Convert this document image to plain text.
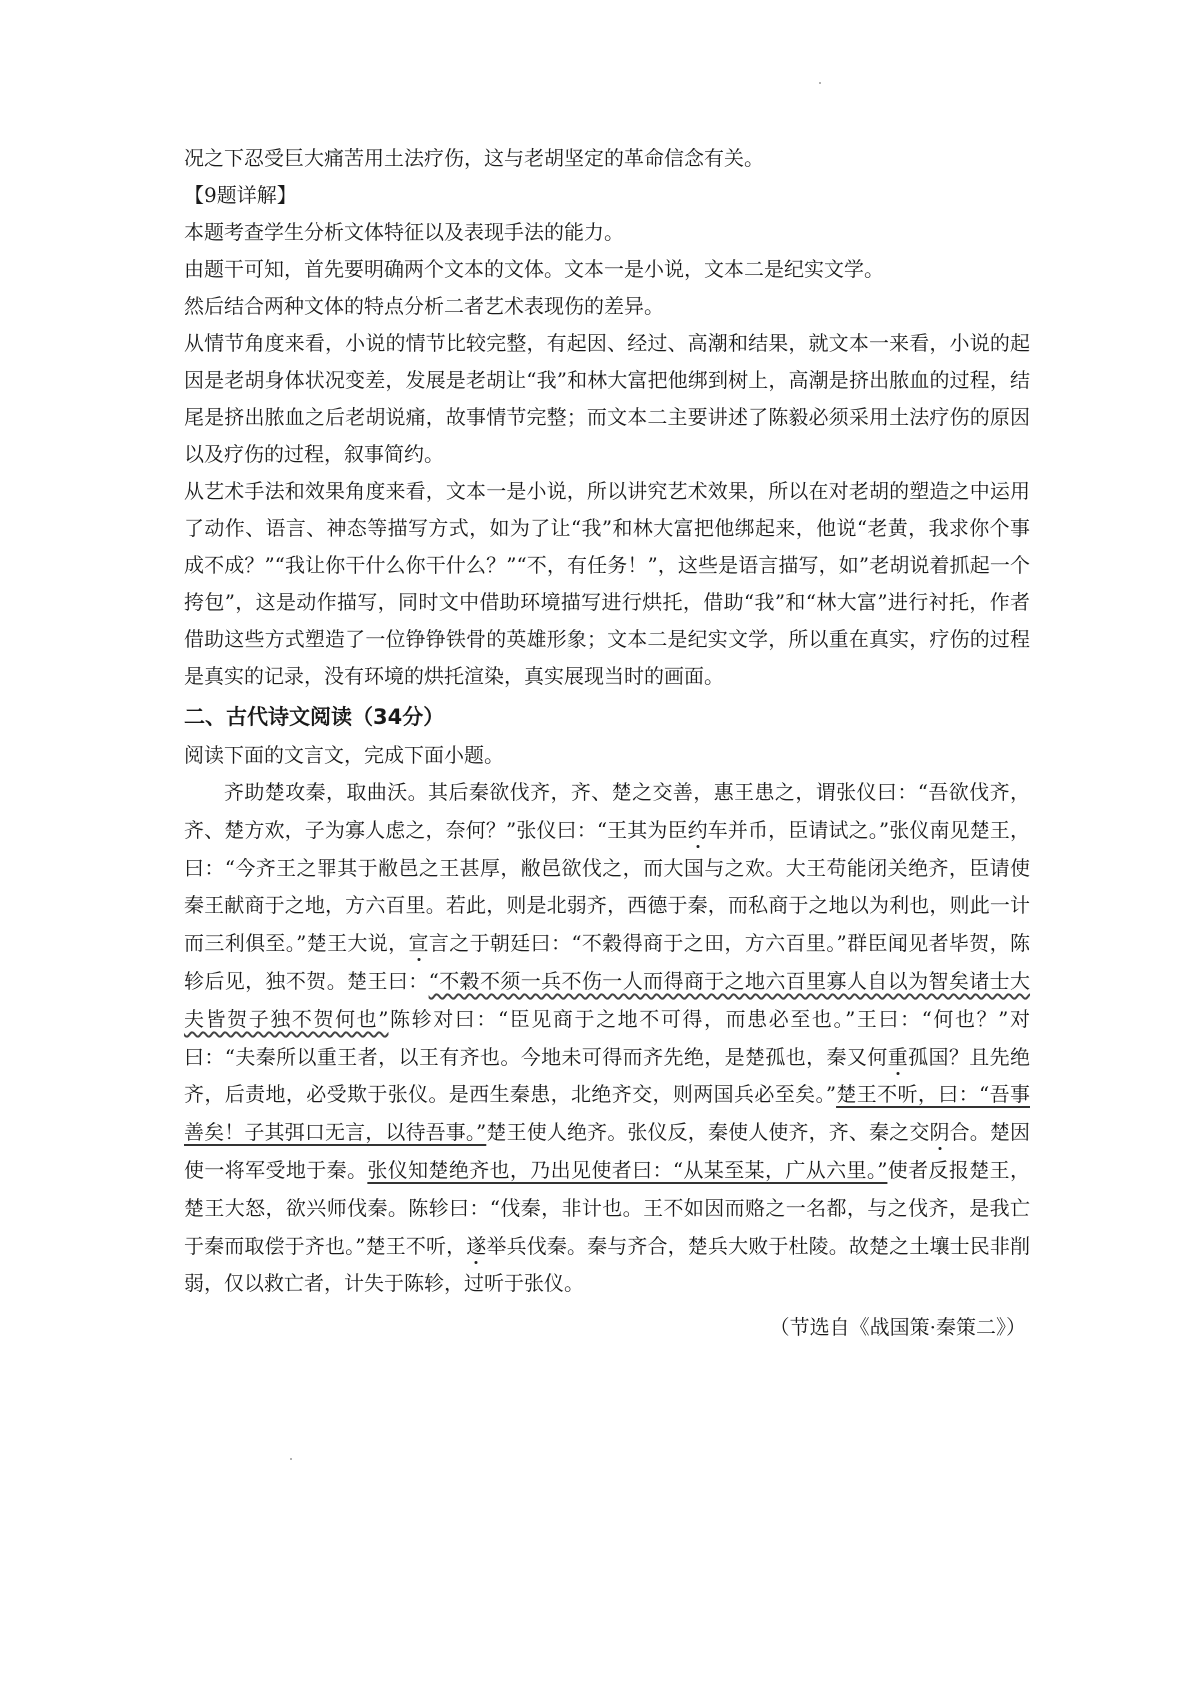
况之下忍受巨大痛苦用土法疗伤，这与老胡坚定的革命信念有关。

【9题详解】

本题考查学生分析文体特征以及表现手法的能力。

由题干可知，首先要明确两个文本的文体。文本一是小说，文本二是纪实文学。

然后结合两种文体的特点分析二者艺术表现伤的差异。

从情节角度来看，小说的情节比较完整，有起因、经过、高潮和结果，就文本一来看，小说的起因是老胡身体状况变差，发展是老胡让“我”和林大富把他绑到树上，高潮是挤出脓血的过程，结尾是挤出脓血之后老胡说痛，故事情节完整；而文本二主要讲述了陈毅必须采用土法疗伤的原因以及疗伤的过程，叙事简约。

从艺术手法和效果角度来看，文本一是小说，所以讲究艺术效果，所以在对老胡的塑造之中运用了动作、语言、神态等描写方式，如为了让“我”和林大富把他绑起来，他说“老黄，我求你个事成不成？”“我让你干什么你干什么？”“不，有任务！”，这些是语言描写，如”老胡说着抓起一个挎包”，这是动作描写，同时文中借助环境描写进行烘托，借助“我”和“林大富”进行衬托，作者借助这些方式塑造了一位铮铮铁骨的英雄形象；文本二是纪实文学，所以重在真实，疗伤的过程是真实的记录，没有环境的烘托渲染，真实展现当时的画面。

二、古代诗文阅读（34分）

阅读下面的文言文，完成下面小题。

齐助楚攻秦，取曲沃。其后秦欲伐齐，齐、楚之交善，惠王患之，谓张仪曰：“吾欲伐齐，齐、楚方欢，子为寡人虑之，奈何？”张仪曰：“王其为臣约车并币，臣请试之。”张仪南见楚王，曰：“今齐王之罪其于敝邑之王甚厚，敝邑欲伐之，而大国与之欢。大王苟能闭关绝齐，臣请使秦王献商于之地，方六百里。若此，则是北弱齐，西德于秦，而私商于之地以为利也，则此一计而三利俱至。”楚王大说，宣言之于朝廷曰：“不穀得商于之田，方六百里。”群臣闻见者毕贺，陈轸后见，独不贺。楚王曰：“不穀不须一兵不伤一人而得商于之地六百里寡人自以为智矣诸士大夫皆贺子独不贺何也”陈轸对曰：“臣见商于之地不可得，而患必至也。”王曰：“何也？”对曰：“夫秦所以重王者，以王有齐也。今地未可得而齐先绝，是楚孤也，秦又何重孤国？且先绝齐，后责地，必受欺于张仪。是西生秦患，北绝齐交，则两国兵必至矣。”楚王不听，曰：“吾事善矣！子其弭口无言，以待吾事。”楚王使人绝齐。张仪反，秦使人使齐，齐、秦之交阴合。楚因使一将军受地于秦。张仪知楚绝齐也，乃出见使者曰：“从某至某，广从六里。”使者反报楚王，楚王大怒，欲兴师伐秦。陈轸曰：“伐秦，非计也。王不如因而赂之一名都，与之伐齐，是我亡于秦而取偿于齐也。”楚王不听，遂举兵伐秦。秦与齐合，楚兵大败于杜陵。故楚之土壤士民非削弱，仅以救亡者，计失于陈轸，过听于张仪。

（节选自《战国策·秦策二》）
